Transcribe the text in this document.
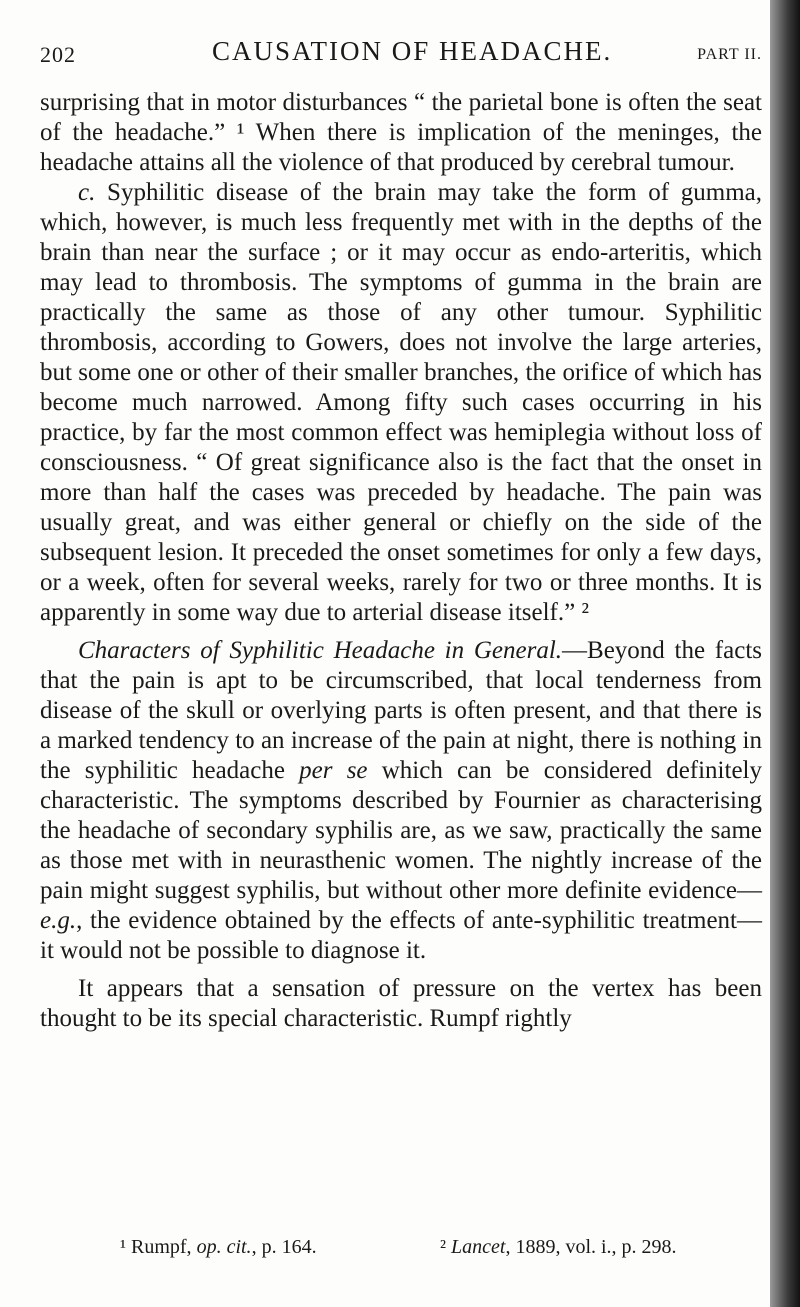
202	CAUSATION OF HEADACHE.	PART II.

surprising that in motor disturbances “ the parietal bone is often the seat of the headache.” ¹ When there is implication of the meninges, the headache attains all the violence of that produced by cerebral tumour.

c. Syphilitic disease of the brain may take the form of gumma, which, however, is much less frequently met with in the depths of the brain than near the surface ; or it may occur as endo-arteritis, which may lead to thrombosis. The symptoms of gumma in the brain are practically the same as those of any other tumour. Syphilitic thrombosis, according to Gowers, does not involve the large arteries, but some one or other of their smaller branches, the orifice of which has become much narrowed. Among fifty such cases occurring in his practice, by far the most common effect was hemiplegia without loss of consciousness. “ Of great significance also is the fact that the onset in more than half the cases was preceded by headache. The pain was usually great, and was either general or chiefly on the side of the subsequent lesion. It preceded the onset sometimes for only a few days, or a week, often for several weeks, rarely for two or three months. It is apparently in some way due to arterial disease itself.” ²

Characters of Syphilitic Headache in General.—Beyond the facts that the pain is apt to be circumscribed, that local tenderness from disease of the skull or overlying parts is often present, and that there is a marked tendency to an increase of the pain at night, there is nothing in the syphilitic headache per se which can be considered definitely characteristic. The symptoms described by Fournier as characterising the headache of secondary syphilis are, as we saw, practically the same as those met with in neurasthenic women. The nightly increase of the pain might suggest syphilis, but without other more definite evidence—e.g., the evidence obtained by the effects of ante-syphilitic treatment—it would not be possible to diagnose it.

It appears that a sensation of pressure on the vertex has been thought to be its special characteristic. Rumpf rightly

¹ Rumpf, op. cit., p. 164.	² Lancet, 1889, vol. i., p. 298.
